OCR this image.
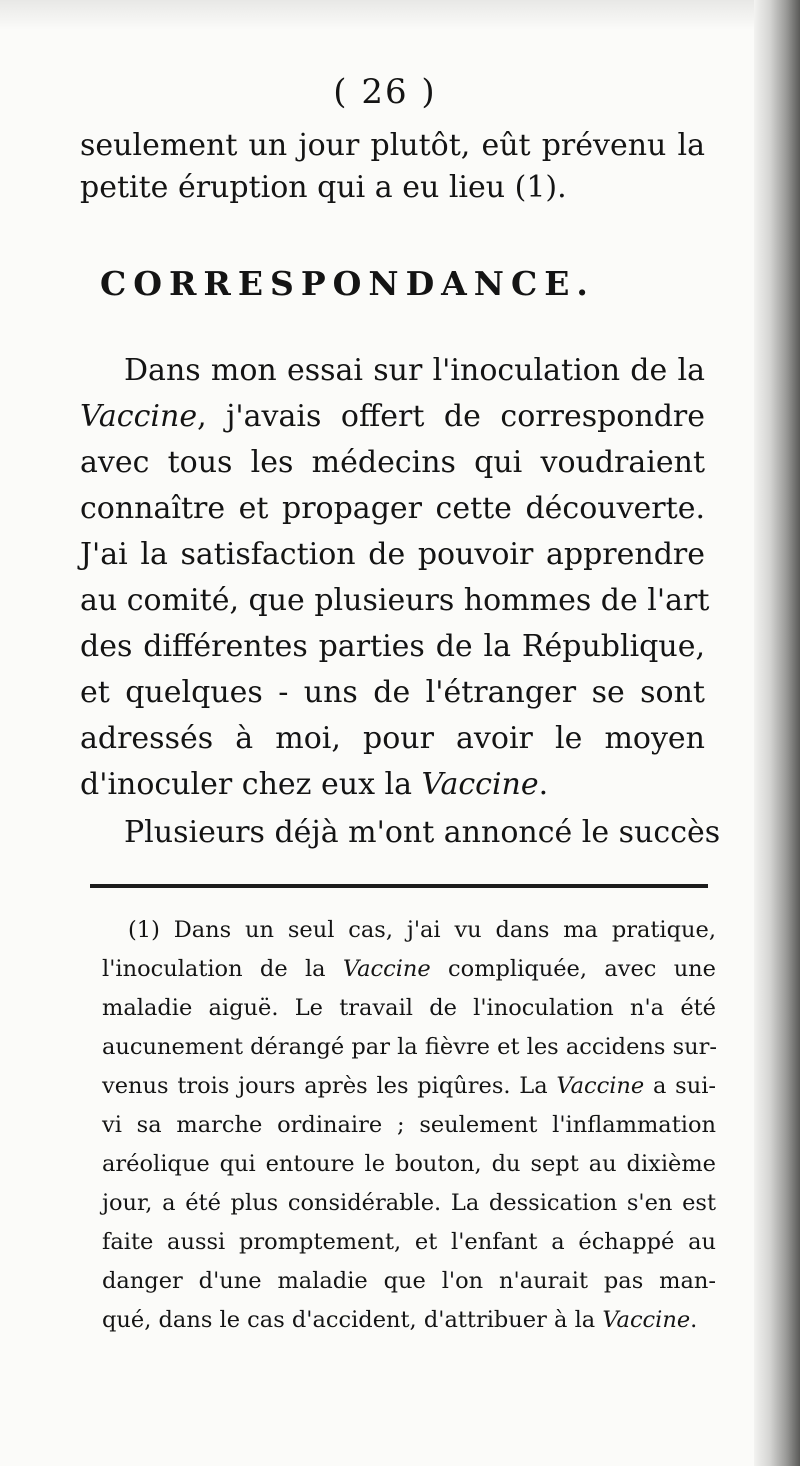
( 26 )
seulement un jour plutôt, eût prévenu la
petite éruption qui a eu lieu (1).
CORRESPONDANCE.
Dans mon essai sur l'inoculation de la
Vaccine, j'avais offert de correspondre
avec tous les médecins qui voudraient
connaître et propager cette découverte.
J'ai la satisfaction de pouvoir apprendre
au comité, que plusieurs hommes de l'art
des différentes parties de la République,
et quelques - uns de l'étranger se sont
adressés à moi, pour avoir le moyen
d'inoculer chez eux la Vaccine.
Plusieurs déjà m'ont annoncé le succès
(1) Dans un seul cas, j'ai vu dans ma pratique,
l'inoculation de la Vaccine compliquée, avec une
maladie aiguë. Le travail de l'inoculation n'a été
aucunement dérangé par la fièvre et les accidens sur-
venus trois jours après les piqûres. La Vaccine a sui-
vi sa marche ordinaire ; seulement l'inflammation
aréolique qui entoure le bouton, du sept au dixième
jour, a été plus considérable. La dessication s'en est
faite aussi promptement, et l'enfant a échappé au
danger d'une maladie que l'on n'aurait pas man-
qué, dans le cas d'accident, d'attribuer à la Vaccine.
